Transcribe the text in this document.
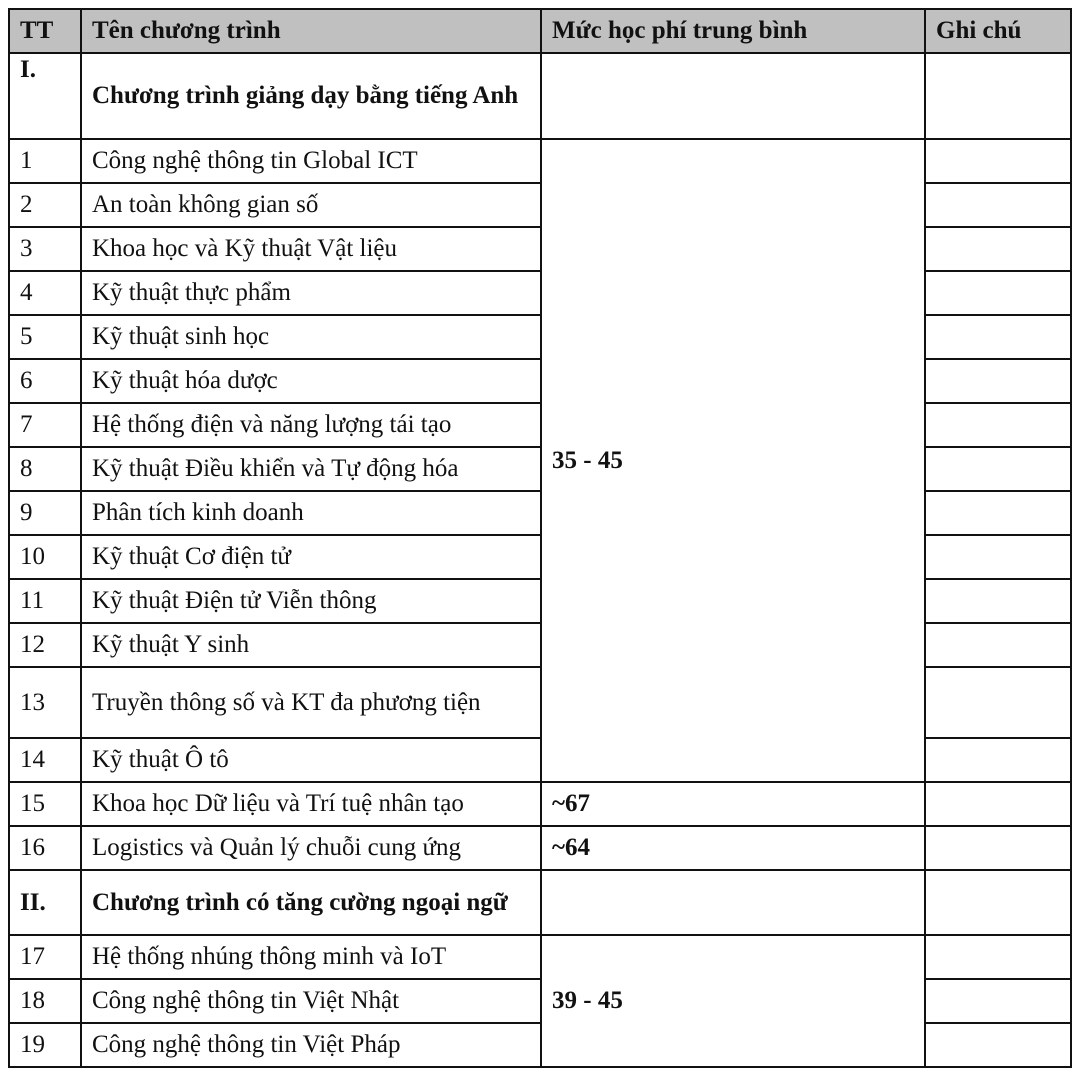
TT	Tên chương trình	Mức học phí trung bình	Ghi chú
I.	Chương trình giảng dạy bằng tiếng Anh		
1	Công nghệ thông tin Global ICT	35 - 45	
2	An toàn không gian số		
3	Khoa học và Kỹ thuật Vật liệu		
4	Kỹ thuật thực phẩm		
5	Kỹ thuật sinh học		
6	Kỹ thuật hóa dược		
7	Hệ thống điện và năng lượng tái tạo		
8	Kỹ thuật Điều khiển và Tự động hóa		
9	Phân tích kinh doanh		
10	Kỹ thuật Cơ điện tử		
11	Kỹ thuật Điện tử Viễn thông		
12	Kỹ thuật Y sinh		
13	Truyền thông số và KT đa phương tiện		
14	Kỹ thuật Ô tô		
15	Khoa học Dữ liệu và Trí tuệ nhân tạo	~67	
16	Logistics và Quản lý chuỗi cung ứng	~64	
II.	Chương trình có tăng cường ngoại ngữ		
17	Hệ thống nhúng thông minh và IoT	39 - 45	
18	Công nghệ thông tin Việt Nhật		
19	Công nghệ thông tin Việt Pháp		
